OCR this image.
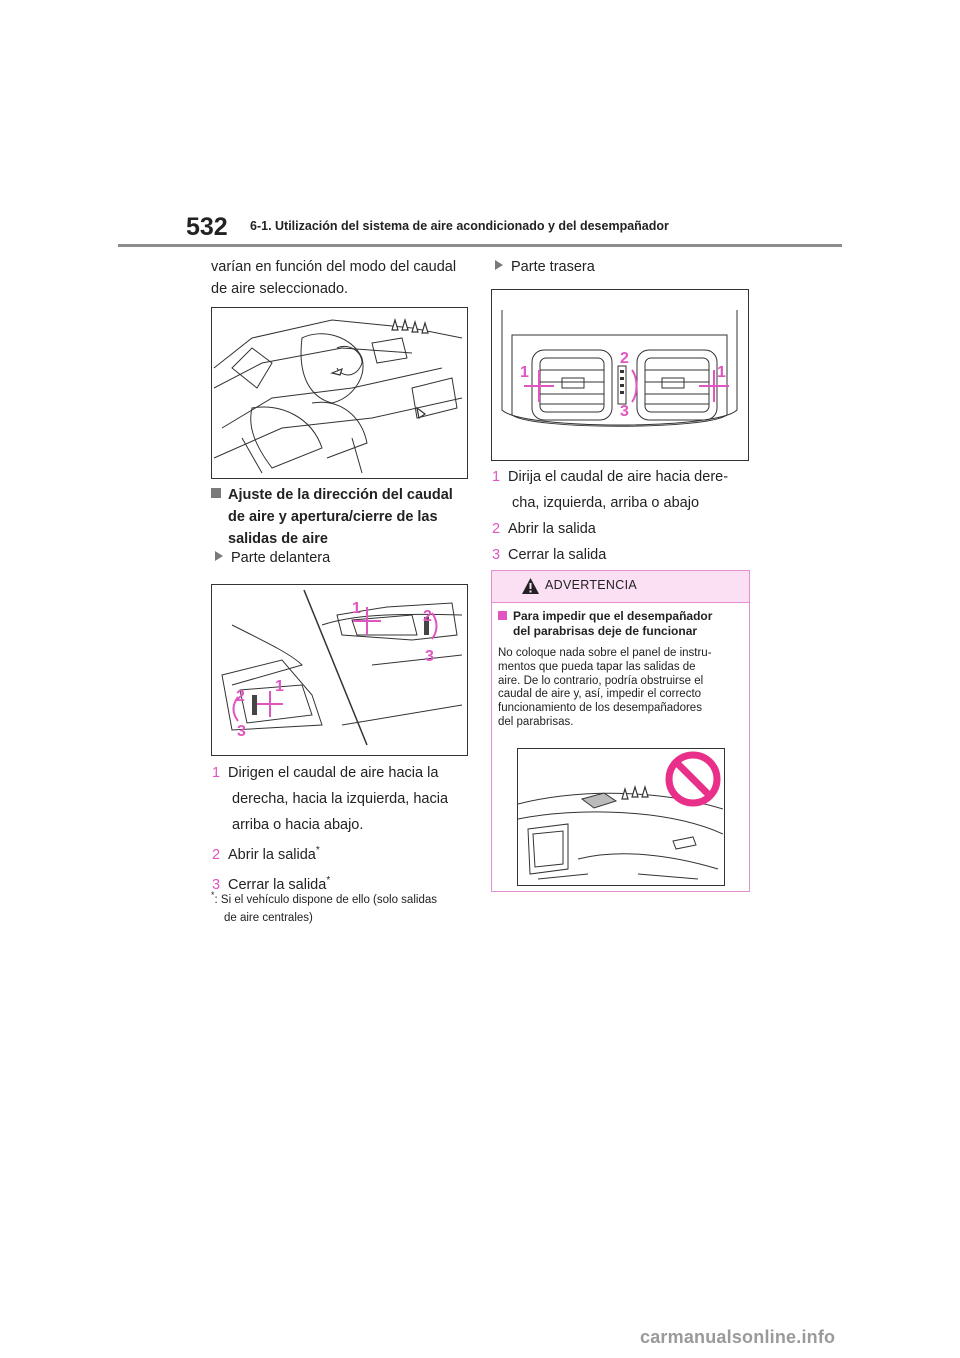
532 6-1. Utilización del sistema de aire acondicionado y del desempañador
varían en función del modo del caudal
de aire seleccionado.
Ajuste de la dirección del caudal
de aire y apertura/cierre de las
salidas de aire
Parte delantera
1	2
3
1
2
3
1 Dirigen el caudal de aire hacia la
derecha, hacia la izquierda, hacia
arriba o hacia abajo.
2 Abrir la salida*
3 Cerrar la salida*
*: Si el vehículo dispone de ello (solo salidas
de aire centrales)
Parte trasera
1	1
2
3
1 Dirija el caudal de aire hacia dere-
cha, izquierda, arriba o abajo
2 Abrir la salida
3 Cerrar la salida
ADVERTENCIA
Para impedir que el desempañador
del parabrisas deje de funcionar
No coloque nada sobre el panel de instru-
mentos que pueda tapar las salidas de
aire. De lo contrario, podría obstruirse el
caudal de aire y, así, impedir el correcto
funcionamiento de los desempañadores
del parabrisas.
carmanualsonline.info
